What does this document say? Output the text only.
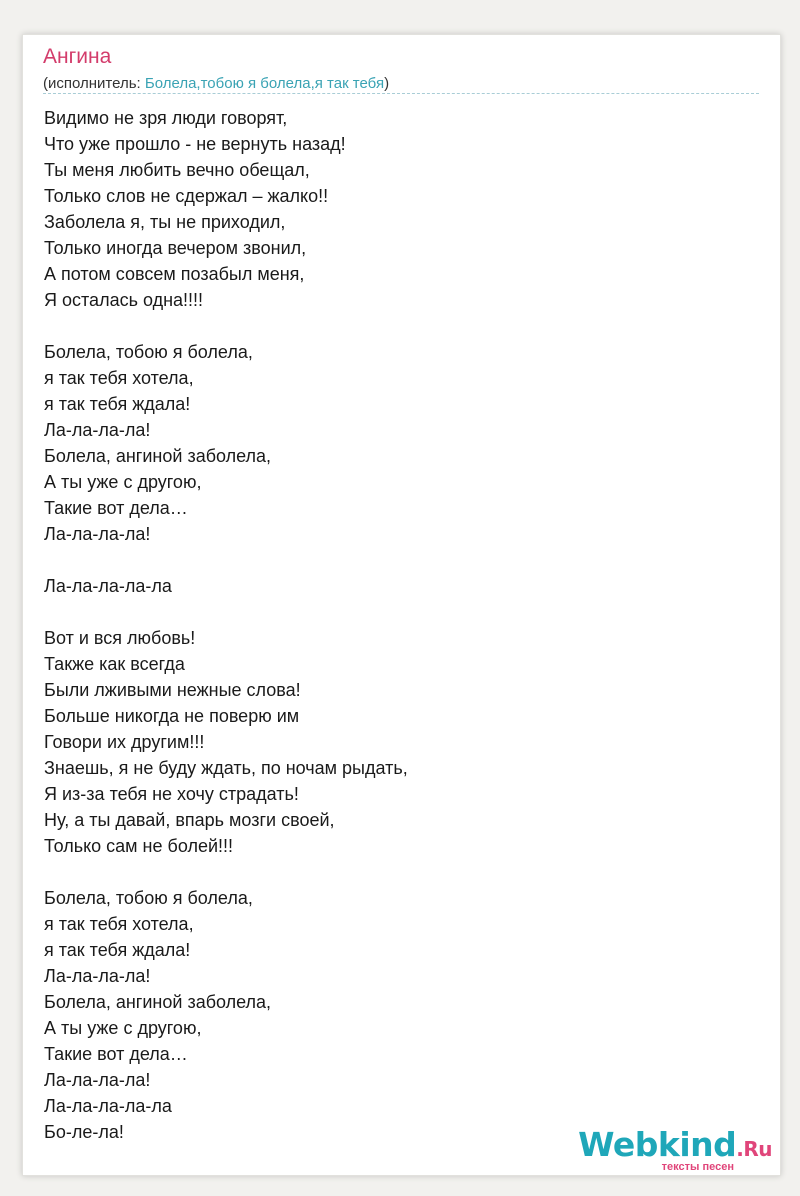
Ангина
(исполнитель: Болела,тобою я болела,я так тебя)
Видимо не зря люди говорят,
Что уже прошло - не вернуть назад!
Ты меня любить вечно обещал,
Только слов не сдержал – жалко!!
Заболела я, ты не приходил,
Только иногда вечером звонил,
А потом совсем позабыл меня,
Я осталась одна!!!!
Болела, тобою я болела,
я так тебя хотела,
я так тебя ждала!
Ла-ла-ла-ла!
Болела, ангиной заболела,
А ты уже с другою,
Такие вот дела…
Ла-ла-ла-ла!
Ла-ла-ла-ла-ла
Вот и вся любовь!
Также как всегда
Были лживыми нежные слова!
Больше никогда не поверю им
Говори их другим!!!
Знаешь, я не буду ждать, по ночам рыдать,
Я из-за тебя не хочу страдать!
Ну, а ты давай, впарь мозги своей,
Только сам не болей!!!
Болела, тобою я болела,
я так тебя хотела,
я так тебя ждала!
Ла-ла-ла-ла!
Болела, ангиной заболела,
А ты уже с другою,
Такие вот дела…
Ла-ла-ла-ла!
Ла-ла-ла-ла-ла
Бо-ле-ла!	Webkind.Ru
тексты песен
